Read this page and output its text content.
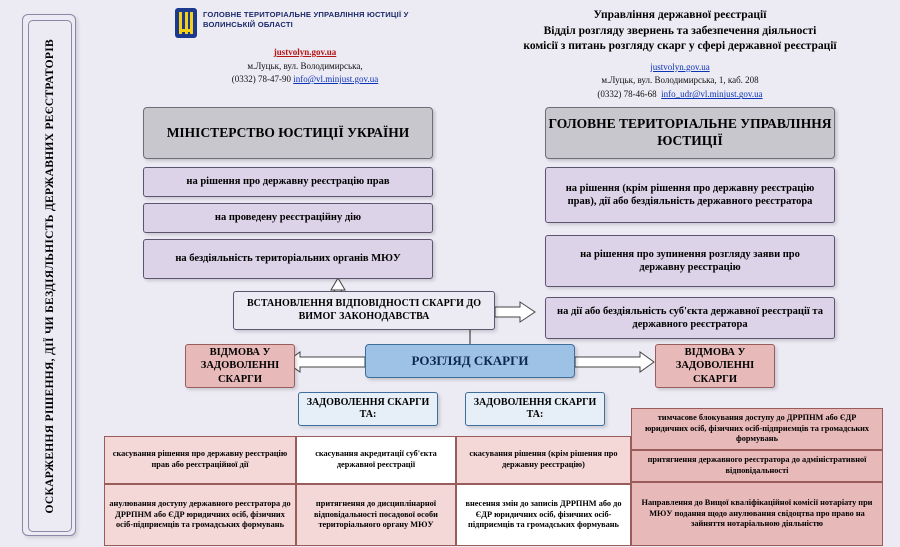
ОСКАРЖЕННЯ РІШЕННЯ, ДІЇ ЧИ БЕЗДІЯЛЬНІСТЬ ДЕРЖАВНИХ РЕЄСТРАТОРІВ
ГОЛОВНЕ ТЕРИТОРІАЛЬНЕ УПРАВЛІННЯ ЮСТИЦІЇ У ВОЛИНСЬКІЙ ОБЛАСТІ
justvolyn.gov.ua
м.Луцьк, вул. Володимирська,
(0332) 78-47-90 info@vl.minjust.gov.ua
Управління державної реєстрації
Відділ розгляду звернень та забезпечення діяльності
комісії з питань розгляду скарг у сфері державної реєстрації
justvolyn.gov.ua
м.Луцьк, вул. Володимирська, 1, каб. 208
(0332) 78-46-68 info_udr@vl.minjust.gov.ua
МІНІСТЕРСТВО ЮСТИЦІЇ УКРАЇНИ
на рішення про державну реєстрацію прав
на проведену реєстраційну дію
на бездіяльність територіальних органів МЮУ
ГОЛОВНЕ ТЕРИТОРІАЛЬНЕ УПРАВЛІННЯ ЮСТИЦІЇ
на рішення (крім рішення про державну реєстрацію прав), дії або бездіяльність державного реєстратора
на рішення про зупинення розгляду заяви про державну реєстрацію
на дії або бездіяльність суб'єкта державної реєстрації та державного реєстратора
ВСТАНОВЛЕННЯ ВІДПОВІДНОСТІ СКАРГИ ДО ВИМОГ ЗАКОНОДАВСТВА
РОЗГЛЯД СКАРГИ
ВІДМОВА У ЗАДОВОЛЕННІ СКАРГИ
ВІДМОВА У ЗАДОВОЛЕННІ СКАРГИ
ЗАДОВОЛЕННЯ СКАРГИ ТА:
ЗАДОВОЛЕННЯ СКАРГИ ТА:
скасування рішення про державну реєстрацію прав або реєстраційної дії
анулювання доступу державного реєстратора до ДРРПНМ або ЄДР юридичних осіб, фізичних осіб-підприємців та громадських формувань
скасування акредитації суб'єкта державної реєстрації
притягнення до дисциплінарної відповідальності посадової особи територіального органу МЮУ
скасування рішення (крім рішення про державну реєстрацію)
внесення змін до записів ДРРПНМ або до ЄДР юридичних осіб, фізичних осіб-підприємців та громадських формувань
тимчасове блокування доступу до ДРРПНМ або ЄДР юридичних осіб, фізичних осіб-підприємців та громадських формувань
притягнення державного реєстратора до адміністративної відповідальності
Направлення до Вищої кваліфікаційної комісії нотаріату при МЮУ подання щодо анулювання свідоцтва про право на зайняття нотаріальною діяльністю
